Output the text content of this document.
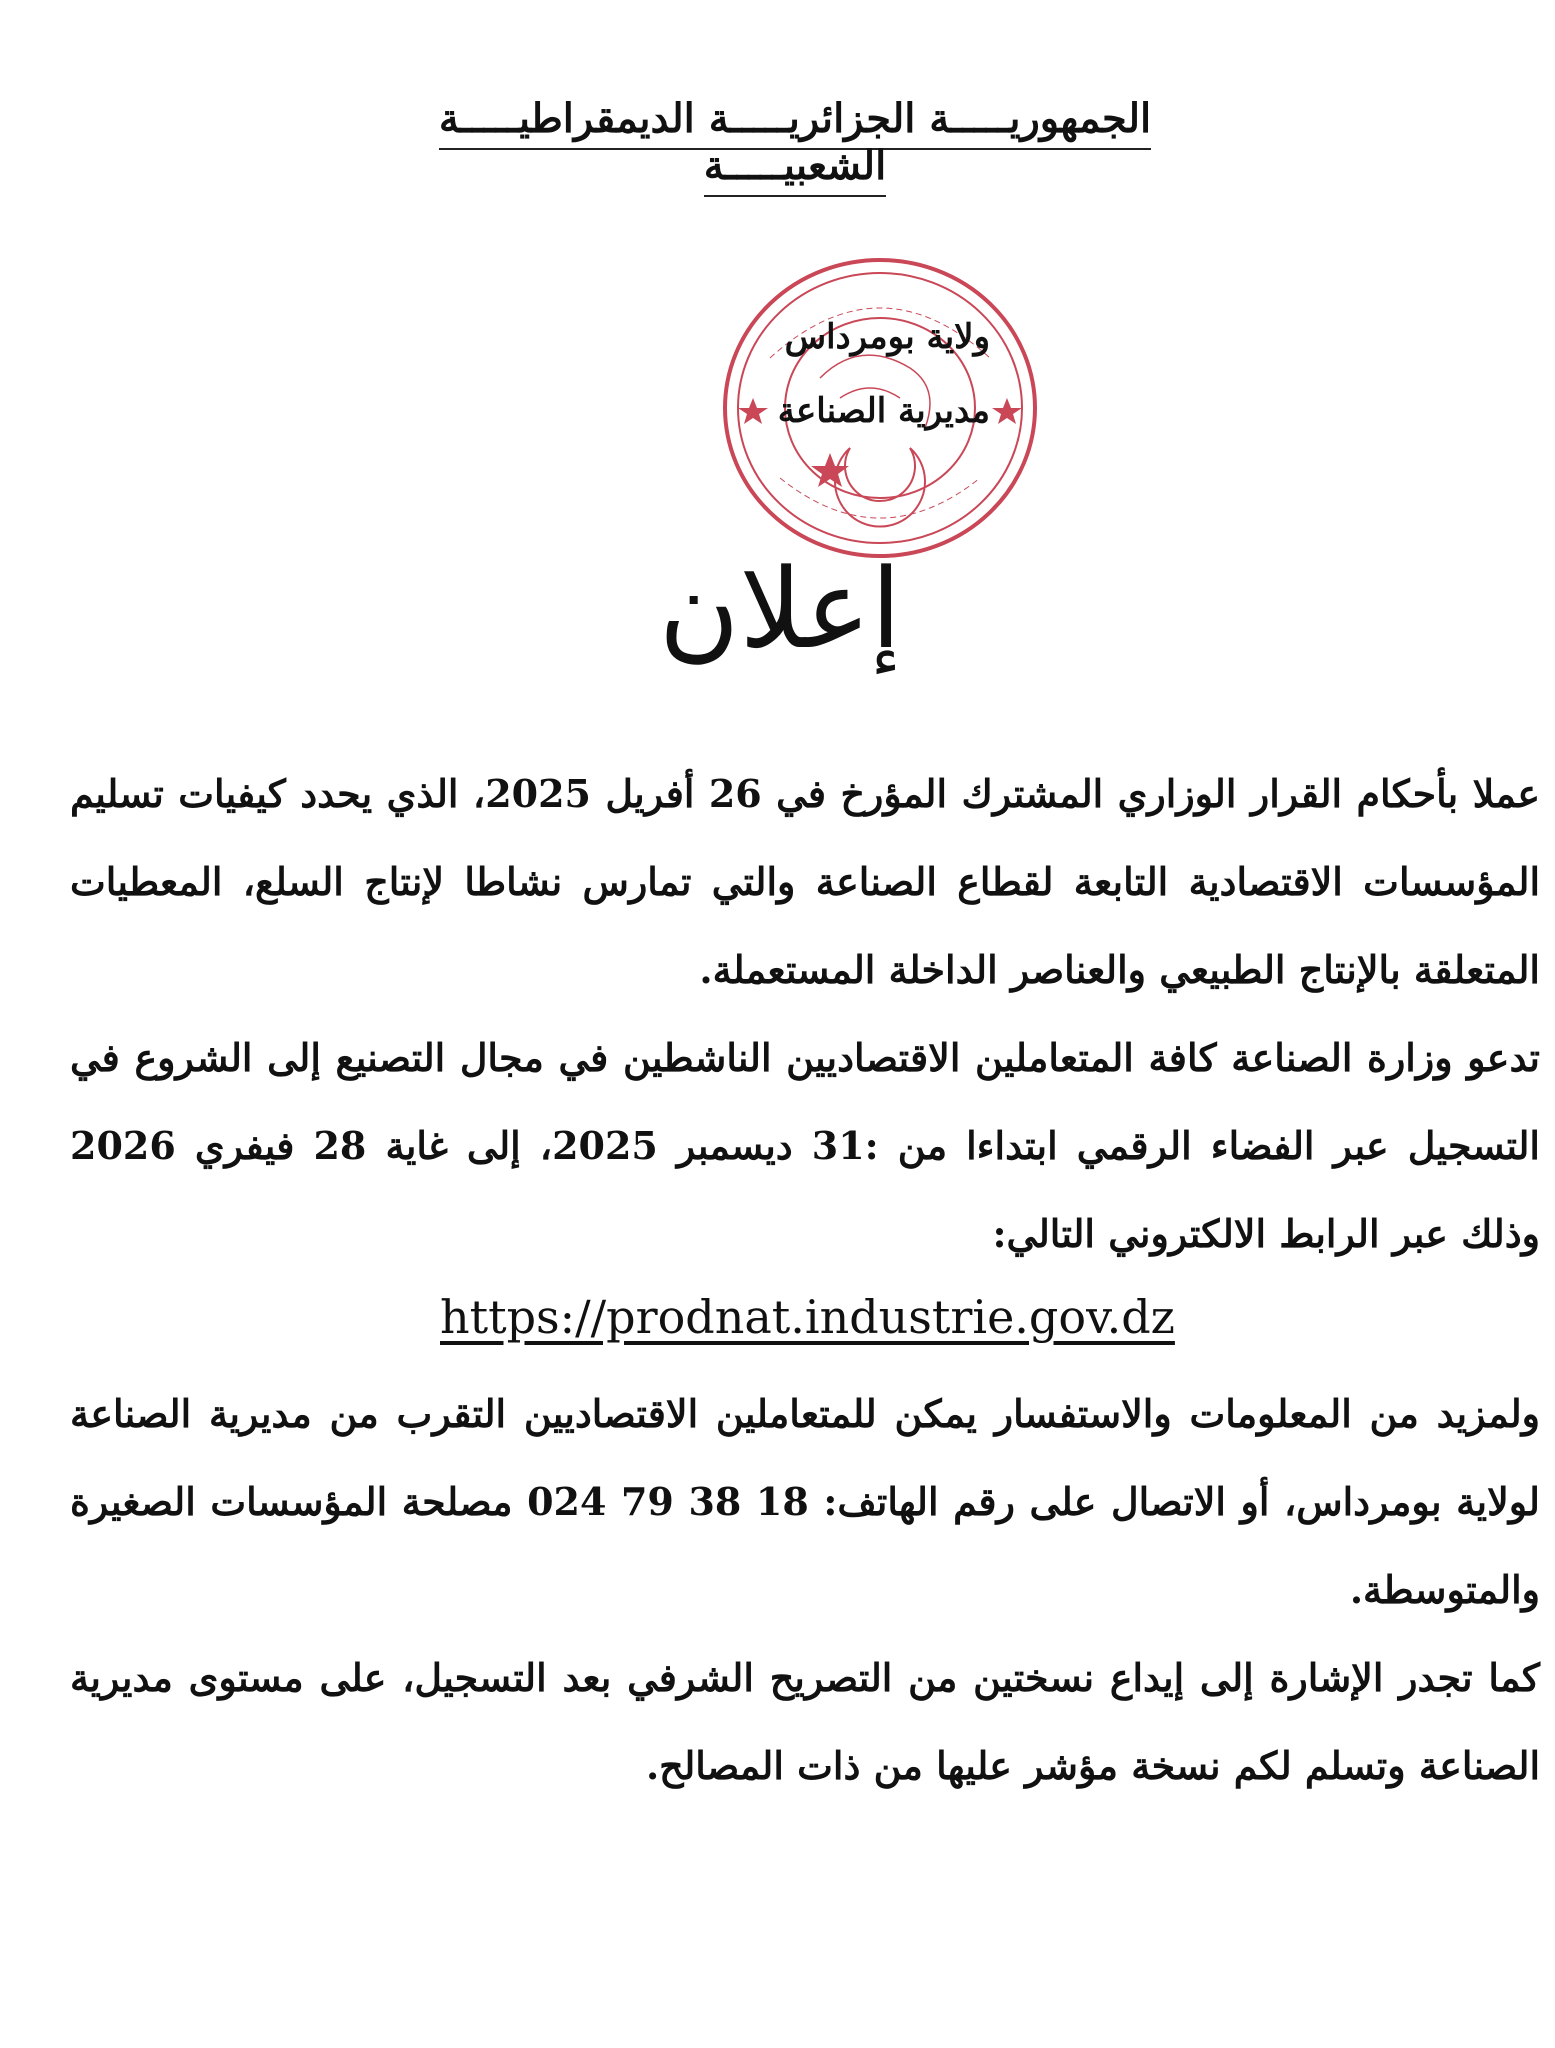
الجمهوريـــــة الجزائريـــــة الديمقراطيـــــة الشعبيـــــة
ولاية بومرداس
مديرية الصناعة
إعلان

عملا بأحكام القرار الوزاري المشترك المؤرخ في 26 أفريل 2025، الذي يحدد كيفيات تسليم المؤسسات الاقتصادية التابعة لقطاع الصناعة والتي تمارس نشاطا لإنتاج السلع، المعطيات المتعلقة بالإنتاج الطبيعي والعناصر الداخلة المستعملة.

تدعو وزارة الصناعة كافة المتعاملين الاقتصاديين الناشطين في مجال التصنيع إلى الشروع في التسجيل عبر الفضاء الرقمي ابتداءا من :31 ديسمبر 2025، إلى غاية 28 فيفري 2026 وذلك عبر الرابط الالكتروني التالي:

https://prodnat.industrie.gov.dz

ولمزيد من المعلومات والاستفسار يمكن للمتعاملين الاقتصاديين التقرب من مديرية الصناعة لولاية بومرداس، أو الاتصال على رقم الهاتف: 18 38 79 024 مصلحة المؤسسات الصغيرة والمتوسطة.

كما تجدر الإشارة إلى إيداع نسختين من التصريح الشرفي بعد التسجيل، على مستوى مديرية الصناعة وتسلم لكم نسخة مؤشر عليها من ذات المصالح.
